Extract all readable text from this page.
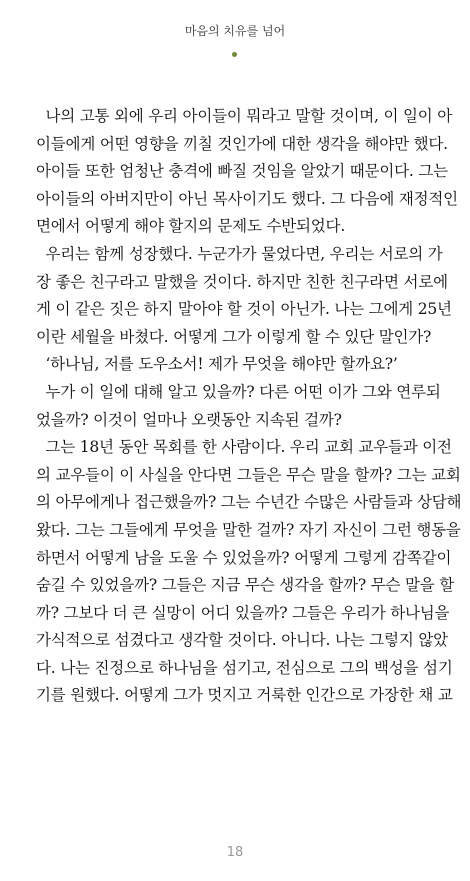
마음의 치유를 넘어
나의 고통 외에 우리 아이들이 뭐라고 말할 것이며, 이 일이 아
이들에게 어떤 영향을 끼칠 것인가에 대한 생각을 해야만 했다.
아이들 또한 엄청난 충격에 빠질 것임을 알았기 때문이다. 그는
아이들의 아버지만이 아닌 목사이기도 했다. 그 다음에 재정적인
면에서 어떻게 해야 할지의 문제도 수반되었다.
우리는 함께 성장했다. 누군가가 물었다면, 우리는 서로의 가
장 좋은 친구라고 말했을 것이다. 하지만 친한 친구라면 서로에
게 이 같은 짓은 하지 말아야 할 것이 아닌가. 나는 그에게 25년
이란 세월을 바쳤다. 어떻게 그가 이렇게 할 수 있단 말인가?
‘하나님, 저를 도우소서! 제가 무엇을 해야만 할까요?’
누가 이 일에 대해 알고 있을까? 다른 어떤 이가 그와 연루되
었을까? 이것이 얼마나 오랫동안 지속된 걸까?
그는 18년 동안 목회를 한 사람이다. 우리 교회 교우들과 이전
의 교우들이 이 사실을 안다면 그들은 무슨 말을 할까? 그는 교회
의 아무에게나 접근했을까? 그는 수년간 수많은 사람들과 상담해
왔다. 그는 그들에게 무엇을 말한 걸까? 자기 자신이 그런 행동을
하면서 어떻게 남을 도울 수 있었을까? 어떻게 그렇게 감쪽같이
숨길 수 있었을까? 그들은 지금 무슨 생각을 할까? 무슨 말을 할
까? 그보다 더 큰 실망이 어디 있을까? 그들은 우리가 하나님을
가식적으로 섬겼다고 생각할 것이다. 아니다. 나는 그렇지 않았
다. 나는 진정으로 하나님을 섬기고, 전심으로 그의 백성을 섬기
기를 원했다. 어떻게 그가 멋지고 거룩한 인간으로 가장한 채 교
18
